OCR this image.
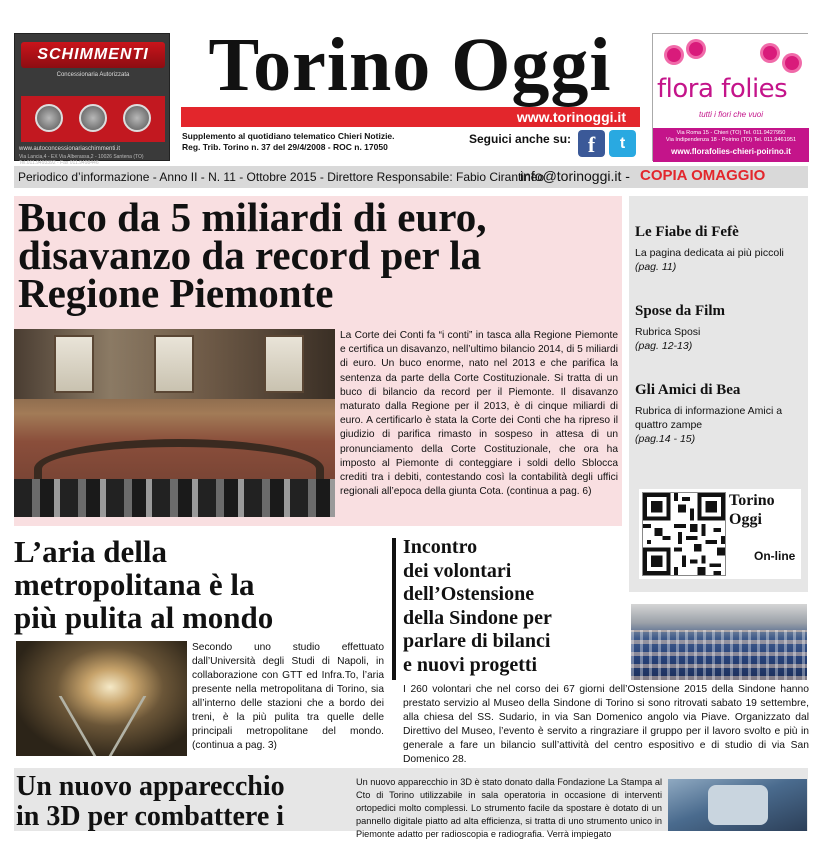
SCHIMMENTI
Concessionaria Autorizzata
www.autoconcessionariaschimmenti.it
Via Lancia,4 - EX Via Alberassa,2 - 10026 Santena (TO) Tel.011.9493392 - Fax 011.9498446
Torino Oggi
www.torinoggi.it
Supplemento al quotidiano telematico Chieri Notizie.
Reg. Trib. Torino n. 37 del 29/4/2008 - ROC n. 17050
Seguici anche su: f	t
flora folies
tutti i fiori che vuoi
Via Roma 15 - Chieri (TO) Tel. 011.9427950
Via Indipendenza 18 - Poirino (TO) Tel. 011.9461951
www.florafolies-chieri-poirino.it
Periodico d’informazione - Anno II - N. 11 - Ottobre 2015 - Direttore Responsabile: Fabio Cirantineo
info@torinoggi.it - COPIA OMAGGIO
Buco da 5 miliardi di euro,
disavanzo da record per la
Regione Piemonte
La Corte dei Conti fa “i conti” in tasca alla Regione Piemonte e certifica un disavanzo, nell’ultimo bilancio 2014, di 5 miliardi di euro. Un buco enorme, nato nel 2013 e che parifica la sentenza da parte della Corte Costituzionale. Si tratta di un buco di bilancio da record per il Piemonte. Il disavanzo maturato dalla Regione per il 2013, è di cinque miliardi di euro. A certificarlo è stata la Corte dei Conti che ha ripreso il giudizio di parifica rimasto in sospeso in attesa di un pronunciamento della Corte Costituzionale, che ora ha imposto al Piemonte di conteggiare i soldi dello Sblocca crediti tra i debiti, contestando così la contabilità degli uffici regionali all’epoca della giunta Cota. (continua a pag. 6)
Le Fiabe di Fefè
La pagina dedicata ai più piccoli
(pag. 11)
Spose da Film
Rubrica Sposi
(pag. 12-13)
Gli Amici di Bea
Rubrica di informazione Amici a quattro zampe
(pag.14 - 15)
Torino
Oggi
On-line
L’aria della
metropolitana è la
più pulita al mondo
Secondo uno studio effettuato dall’Università degli Studi di Napoli, in collaborazione con GTT ed Infra.To, l’aria presente nella metropolitana di Torino, sia all’interno delle stazioni che a bordo dei treni, è la più pulita tra quelle delle principali metropolitane del mondo. (continua a pag. 3)
Incontro
dei volontari
dell’Ostensione
della Sindone per
parlare di bilanci
e nuovi progetti
I 260 volontari che nel corso dei 67 giorni dell’Ostensione 2015 della Sindone hanno prestato servizio al Museo della Sindone di Torino si sono ritrovati sabato 19 settembre, alla chiesa del SS. Sudario, in via San Domenico angolo via Piave. Organizzato dal Direttivo del Museo, l’evento è servito a ringraziare il gruppo per il lavoro svolto e più in generale a fare un bilancio sull’attività del centro espositivo e di studio di via San Domenico 28.
Un nuovo apparecchio
in 3D per combattere i
Un nuovo apparecchio in 3D è stato donato dalla Fondazione La Stampa al Cto di Torino utilizzabile in sala operatoria in occasione di interventi ortopedici molto complessi. Lo strumento facile da spostare è dotato di un pannello digitale piatto ad alta efficienza, si tratta di uno strumento unico in Piemonte adatto per radioscopia e radiografia. Verrà impiegato
